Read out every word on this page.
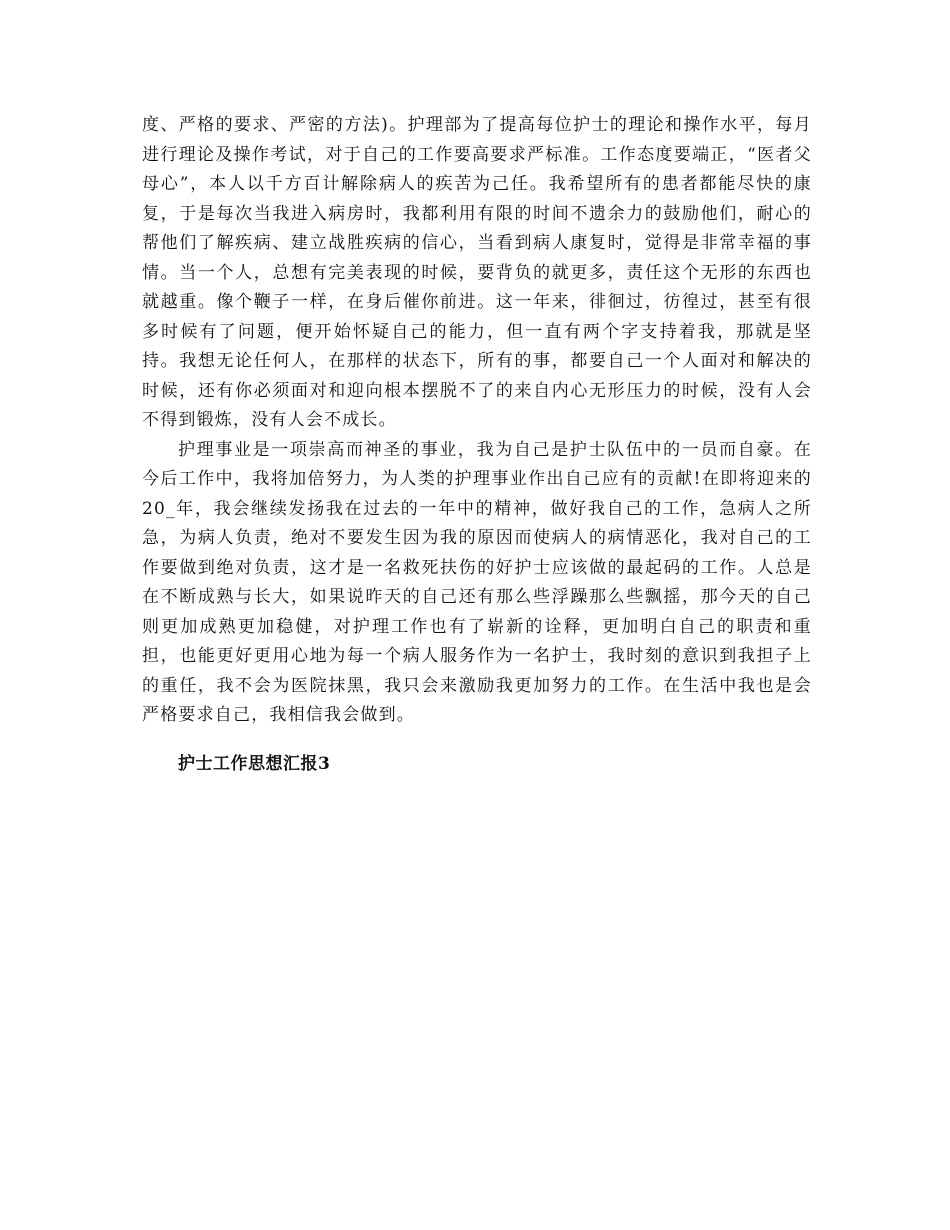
度、严格的要求、严密的方法)。护理部为了提高每位护士的理论和操作水平，每月进行理论及操作考试，对于自己的工作要高要求严标准。工作态度要端正，“医者父母心”，本人以千方百计解除病人的疾苦为己任。我希望所有的患者都能尽快的康复，于是每次当我进入病房时，我都利用有限的时间不遗余力的鼓励他们，耐心的帮他们了解疾病、建立战胜疾病的信心，当看到病人康复时，觉得是非常幸福的事情。当一个人，总想有完美表现的时候，要背负的就更多，责任这个无形的东西也就越重。像个鞭子一样，在身后催你前进。这一年来，徘徊过，彷徨过，甚至有很多时候有了问题，便开始怀疑自己的能力，但一直有两个字支持着我，那就是坚持。我想无论任何人，在那样的状态下，所有的事，都要自己一个人面对和解决的时候，还有你必须面对和迎向根本摆脱不了的来自内心无形压力的时候，没有人会不得到锻炼，没有人会不成长。

护理事业是一项崇高而神圣的事业，我为自己是护士队伍中的一员而自豪。在今后工作中，我将加倍努力，为人类的护理事业作出自己应有的贡献!在即将迎来的20_年，我会继续发扬我在过去的一年中的精神，做好我自己的工作，急病人之所急，为病人负责，绝对不要发生因为我的原因而使病人的病情恶化，我对自己的工作要做到绝对负责，这才是一名救死扶伤的好护士应该做的最起码的工作。人总是在不断成熟与长大，如果说昨天的自己还有那么些浮躁那么些飘摇，那今天的自己则更加成熟更加稳健，对护理工作也有了崭新的诠释，更加明白自己的职责和重担，也能更好更用心地为每一个病人服务作为一名护士，我时刻的意识到我担子上的重任，我不会为医院抹黑，我只会来激励我更加努力的工作。在生活中我也是会严格要求自己，我相信我会做到。

护士工作思想汇报3
